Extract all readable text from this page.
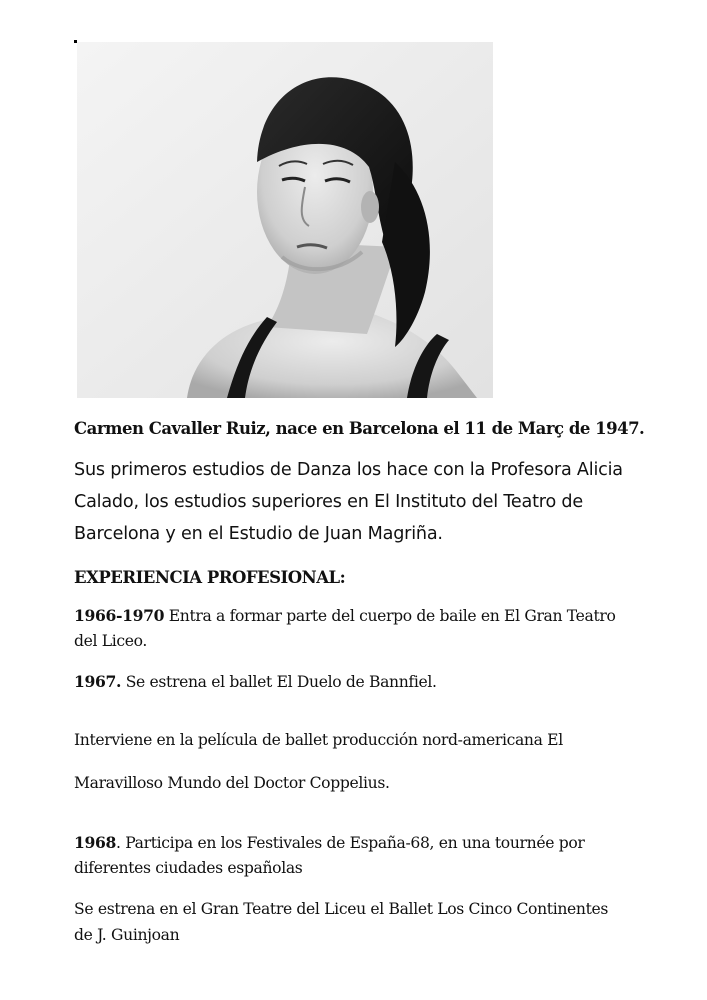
Carmen Cavaller Ruiz, nace en Barcelona el 11 de Marҫ de 1947.

Sus primeros estudios de Danza los hace con la Profesora Alicia

Calado, los estudios superiores en El Instituto del Teatro de

Barcelona y en el Estudio de Juan Magriña.

EXPERIENCIA PROFESIONAL:

1966-1970 Entra a formar parte del cuerpo de baile en El Gran Teatro

del Liceo.

1967. Se estrena el ballet El Duelo de Bannfiel.

Interviene en la película de ballet producción nord-americana El

Maravilloso Mundo del Doctor Coppelius.

1968. Participa en los Festivales de España-68, en una tournée por

diferentes ciudades españolas

Se estrena en el Gran Teatre del Liceu el Ballet Los Cinco Continentes

de J. Guinjoan
